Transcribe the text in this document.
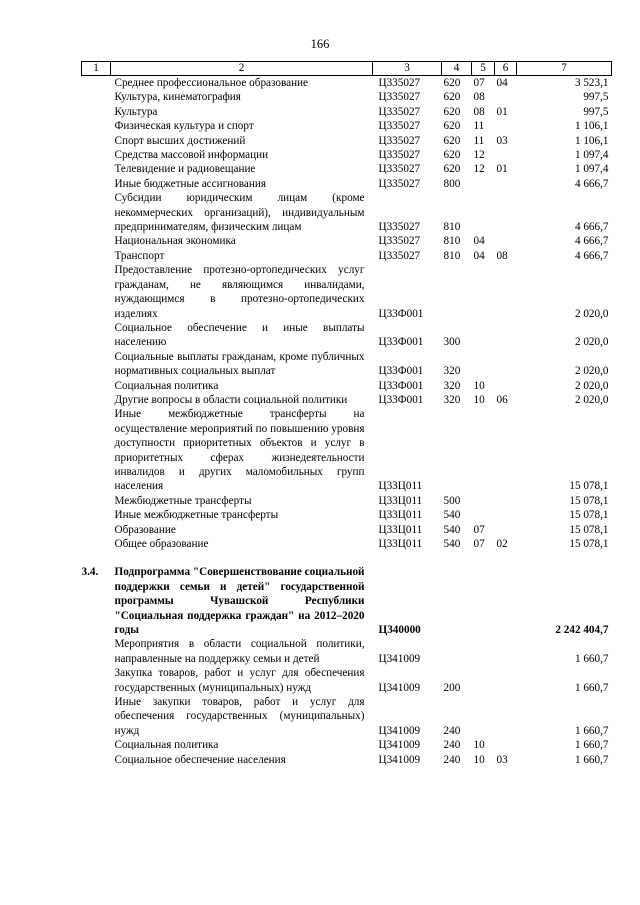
166
1	2	3	4	5	6	7
	Среднее профессиональное образование	Ц335027	620	07	04	3 523,1
	Культура, кинематография	Ц335027	620	08		997,5
	Культура	Ц335027	620	08	01	997,5
	Физическая культура и спорт	Ц335027	620	11		1 106,1
	Спорт высших достижений	Ц335027	620	11	03	1 106,1
	Средства массовой информации	Ц335027	620	12		1 097,4
	Телевидение и радиовещание	Ц335027	620	12	01	1 097,4
	Иные бюджетные ассигнования	Ц335027	800			4 666,7
	Субсидии юридическим лицам (кроме некоммерческих организаций), индивидуальным предпринимателям, физическим лицам	Ц335027	810			4 666,7
	Национальная экономика	Ц335027	810	04		4 666,7
	Транспорт	Ц335027	810	04	08	4 666,7
	Предоставление протезно-ортопедических услуг гражданам, не являющимся инвалидами, нуждающимся в протезно-ортопедических изделиях	Ц33Ф001				2 020,0
	Социальное обеспечение и иные выплаты населению	Ц33Ф001	300			2 020,0
	Социальные выплаты гражданам, кроме публичных нормативных социальных выплат	Ц33Ф001	320			2 020,0
	Социальная политика	Ц33Ф001	320	10		2 020,0
	Другие вопросы в области социальной политики	Ц33Ф001	320	10	06	2 020,0
	Иные межбюджетные трансферты на осуществление мероприятий по повышению уровня доступности приоритетных объектов и услуг в приоритетных сферах жизнедеятельности инвалидов и других маломобильных групп населения	Ц33Ц011				15 078,1
	Межбюджетные трансферты	Ц33Ц011	500			15 078,1
	Иные межбюджетные трансферты	Ц33Ц011	540			15 078,1
	Образование	Ц33Ц011	540	07		15 078,1
	Общее образование	Ц33Ц011	540	07	02	15 078,1

3.4.	Подпрограмма "Совершенствование социальной поддержки семьи и детей" государственной программы Чувашской Республики "Социальная поддержка граждан" на 2012–2020 годы	Ц340000				2 242 404,7
	Мероприятия в области социальной политики, направленные на поддержку семьи и детей	Ц341009				1 660,7
	Закупка товаров, работ и услуг для обеспечения государственных (муниципальных) нужд	Ц341009	200			1 660,7
	Иные закупки товаров, работ и услуг для обеспечения государственных (муниципальных) нужд	Ц341009	240			1 660,7
	Социальная политика	Ц341009	240	10		1 660,7
	Социальное обеспечение населения	Ц341009	240	10	03	1 660,7
